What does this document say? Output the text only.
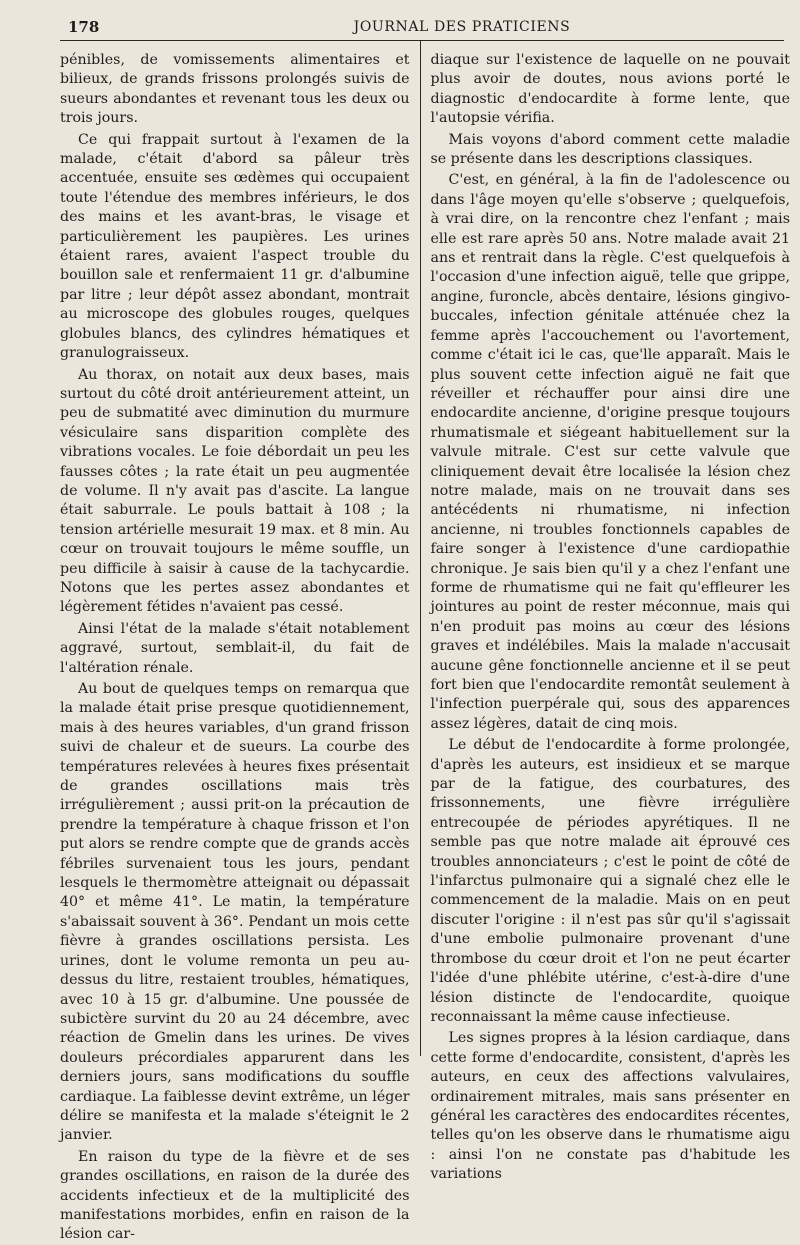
178	JOURNAL DES PRATICIENS

pénibles, de vomissements alimentaires et bilieux, de grands frissons prolongés suivis de sueurs abondantes et revenant tous les deux ou trois jours.

Ce qui frappait surtout à l'examen de la malade, c'était d'abord sa pâleur très accentuée, ensuite ses œdèmes qui occupaient toute l'étendue des membres inférieurs, le dos des mains et les avant-bras, le visage et particulièrement les paupières. Les urines étaient rares, avaient l'aspect trouble du bouillon sale et renfermaient 11 gr. d'albumine par litre ; leur dépôt assez abondant, montrait au microscope des globules rouges, quelques globules blancs, des cylindres hématiques et granulograisseux.

Au thorax, on notait aux deux bases, mais surtout du côté droit antérieurement atteint, un peu de submatité avec diminution du murmure vésiculaire sans disparition complète des vibrations vocales. Le foie débordait un peu les fausses côtes ; la rate était un peu augmentée de volume. Il n'y avait pas d'ascite. La langue était saburrale. Le pouls battait à 108 ; la tension artérielle mesurait 19 max. et 8 min. Au cœur on trouvait toujours le même souffle, un peu difficile à saisir à cause de la tachycardie. Notons que les pertes assez abondantes et légèrement fétides n'avaient pas cessé.

Ainsi l'état de la malade s'était notablement aggravé, surtout, semblait-il, du fait de l'altération rénale.

Au bout de quelques temps on remarqua que la malade était prise presque quotidiennement, mais à des heures variables, d'un grand frisson suivi de chaleur et de sueurs. La courbe des températures relevées à heures fixes présentait de grandes oscillations mais très irrégulièrement ; aussi prit-on la précaution de prendre la température à chaque frisson et l'on put alors se rendre compte que de grands accès fébriles survenaient tous les jours, pendant lesquels le thermomètre atteignait ou dépassait 40° et même 41°. Le matin, la température s'abaissait souvent à 36°. Pendant un mois cette fièvre à grandes oscillations persista. Les urines, dont le volume remonta un peu au-dessus du litre, restaient troubles, hématiques, avec 10 à 15 gr. d'albumine. Une poussée de subictère survint du 20 au 24 décembre, avec réaction de Gmelin dans les urines. De vives douleurs précordiales apparurent dans les derniers jours, sans modifications du souffle cardiaque. La faiblesse devint extrême, un léger délire se manifesta et la malade s'éteignit le 2 janvier.

En raison du type de la fièvre et de ses grandes oscillations, en raison de la durée des accidents infectieux et de la multiplicité des manifestations morbides, enfin en raison de la lésion car-

diaque sur l'existence de laquelle on ne pouvait plus avoir de doutes, nous avions porté le diagnostic d'endocardite à forme lente, que l'autopsie vérifia.

Mais voyons d'abord comment cette maladie se présente dans les descriptions classiques.

C'est, en général, à la fin de l'adolescence ou dans l'âge moyen qu'elle s'observe ; quelquefois, à vrai dire, on la rencontre chez l'enfant ; mais elle est rare après 50 ans. Notre malade avait 21 ans et rentrait dans la règle. C'est quelquefois à l'occasion d'une infection aiguë, telle que grippe, angine, furoncle, abcès dentaire, lésions gingivo-buccales, infection génitale atténuée chez la femme après l'accouchement ou l'avortement, comme c'était ici le cas, que'lle apparaît. Mais le plus souvent cette infection aiguë ne fait que réveiller et réchauffer pour ainsi dire une endocardite ancienne, d'origine presque toujours rhumatismale et siégeant habituellement sur la valvule mitrale. C'est sur cette valvule que cliniquement devait être localisée la lésion chez notre malade, mais on ne trouvait dans ses antécédents ni rhumatisme, ni infection ancienne, ni troubles fonctionnels capables de faire songer à l'existence d'une cardiopathie chronique. Je sais bien qu'il y a chez l'enfant une forme de rhumatisme qui ne fait qu'effleurer les jointures au point de rester méconnue, mais qui n'en produit pas moins au cœur des lésions graves et indélébiles. Mais la malade n'accusait aucune gêne fonctionnelle ancienne et il se peut fort bien que l'endocardite remontât seulement à l'infection puerpérale qui, sous des apparences assez légères, datait de cinq mois.

Le début de l'endocardite à forme prolongée, d'après les auteurs, est insidieux et se marque par de la fatigue, des courbatures, des frissonnements, une fièvre irrégulière entrecoupée de périodes apyrétiques. Il ne semble pas que notre malade ait éprouvé ces troubles annonciateurs ; c'est le point de côté de l'infarctus pulmonaire qui a signalé chez elle le commencement de la maladie. Mais on en peut discuter l'origine : il n'est pas sûr qu'il s'agissait d'une embolie pulmonaire provenant d'une thrombose du cœur droit et l'on ne peut écarter l'idée d'une phlébite utérine, c'est-à-dire d'une lésion distincte de l'endocardite, quoique reconnaissant la même cause infectieuse.

Les signes propres à la lésion cardiaque, dans cette forme d'endocardite, consistent, d'après les auteurs, en ceux des affections valvulaires, ordinairement mitrales, mais sans présenter en général les caractères des endocardites récentes, telles qu'on les observe dans le rhumatisme aigu : ainsi l'on ne constate pas d'habitude les variations
